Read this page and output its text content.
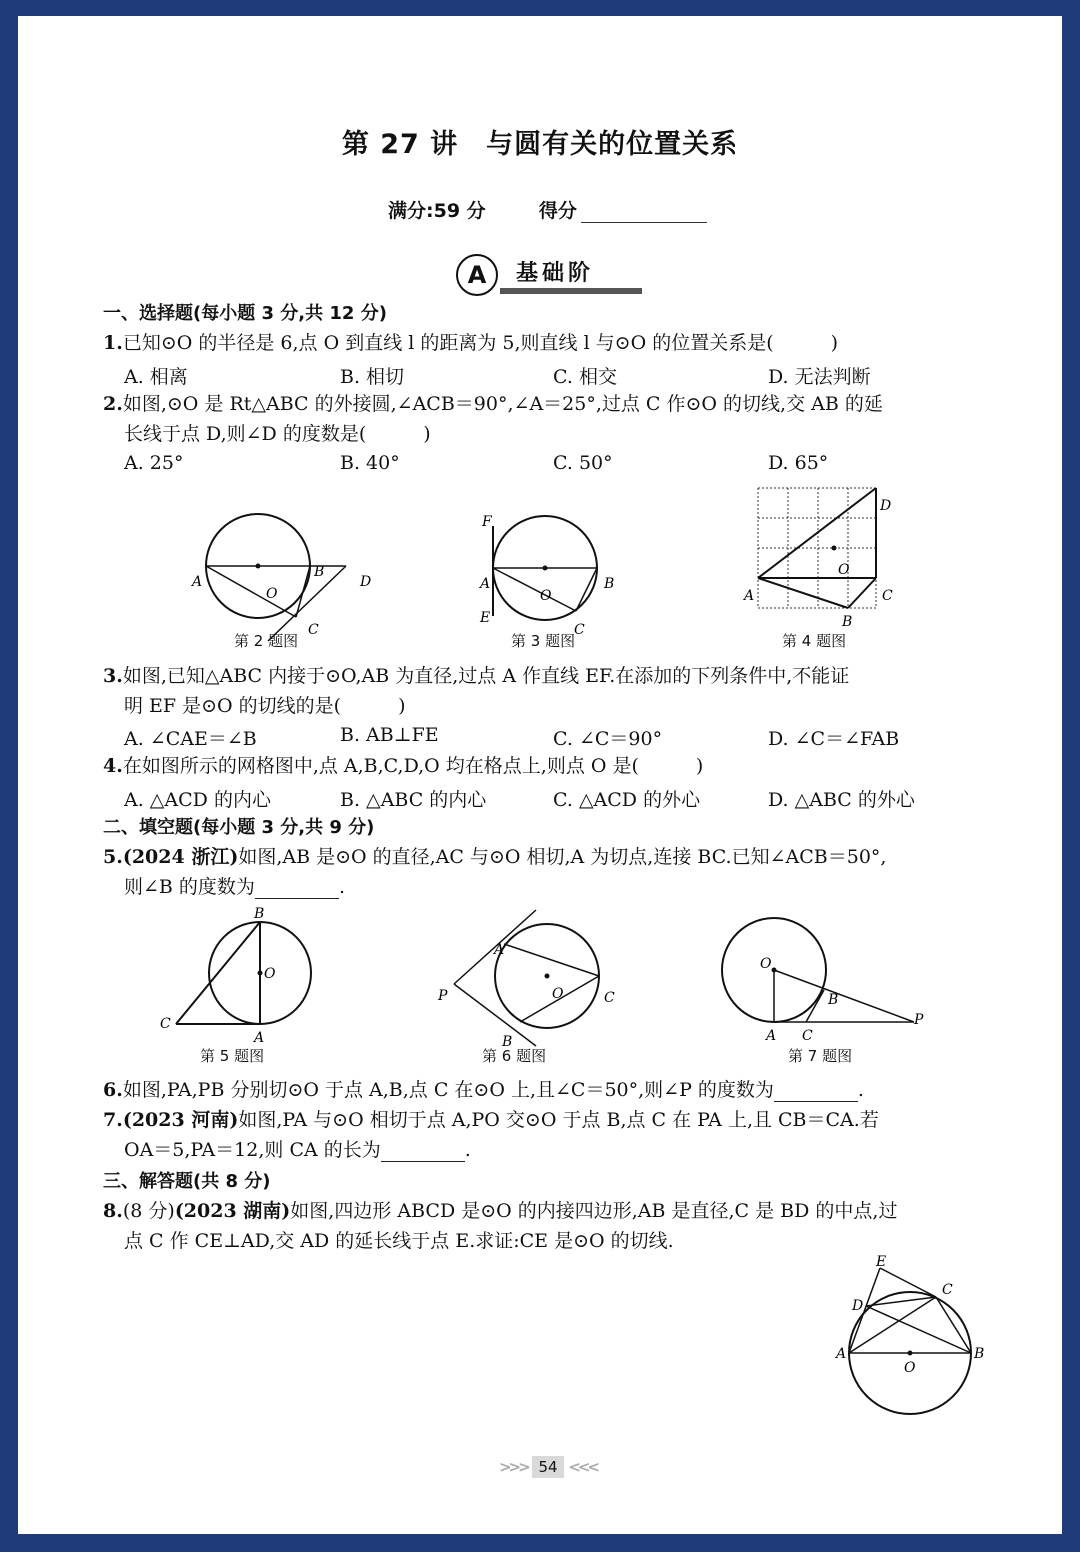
第 27 讲　与圆有关的位置关系
满分:59 分	得分
A	基础阶
一、选择题(每小题 3 分,共 12 分)
1.已知⊙O 的半径是 6,点 O 到直线 l 的距离为 5,则直线 l 与⊙O 的位置关系是(　　　)
A. 相离	B. 相切	C. 相交	D. 无法判断
2.如图,⊙O 是 Rt△ABC 的外接圆,∠ACB＝90°,∠A＝25°,过点 C 作⊙O 的切线,交 AB 的延
长线于点 D,则∠D 的度数是(　　　)
A. 25°	B. 40°	C. 50°	D. 65°
A
O
B
D
C
第 2 题图
F
A
E
O
B
C
第 3 题图
D
O
A	C
B
第 4 题图
3.如图,已知△ABC 内接于⊙O,AB 为直径,过点 A 作直线 EF.在添加的下列条件中,不能证
明 EF 是⊙O 的切线的是(　　　)
A. ∠CAE＝∠B	B. AB⊥FE	C. ∠C＝90°	D. ∠C＝∠FAB
4.在如图所示的网格图中,点 A,B,C,D,O 均在格点上,则点 O 是(　　　)
A. △ACD 的内心	B. △ABC 的内心	C. △ACD 的外心	D. △ABC 的外心
二、填空题(每小题 3 分,共 9 分)
5.(2024 浙江)如图,AB 是⊙O 的直径,AC 与⊙O 相切,A 为切点,连接 BC.已知∠ACB＝50°,
则∠B 的度数为	.
B
O
C
A
第 5 题图
A
P	O	C
B
第 6 题图
O
B
A C
P
第 7 题图
6.如图,PA,PB 分别切⊙O 于点 A,B,点 C 在⊙O 上,且∠C＝50°,则∠P 的度数为	.
7.(2023 河南)如图,PA 与⊙O 相切于点 A,PO 交⊙O 于点 B,点 C 在 PA 上,且 CB＝CA.若
OA＝5,PA＝12,则 CA 的长为	.
三、解答题(共 8 分)
8.(8 分)(2023 湖南)如图,四边形 ABCD 是⊙O 的内接四边形,AB 是直径,C 是 BD 的中点,过
点 C 作 CE⊥AD,交 AD 的延长线于点 E.求证:CE 是⊙O 的切线.
E
C
D
A
O
B
>>> 54 <<<
